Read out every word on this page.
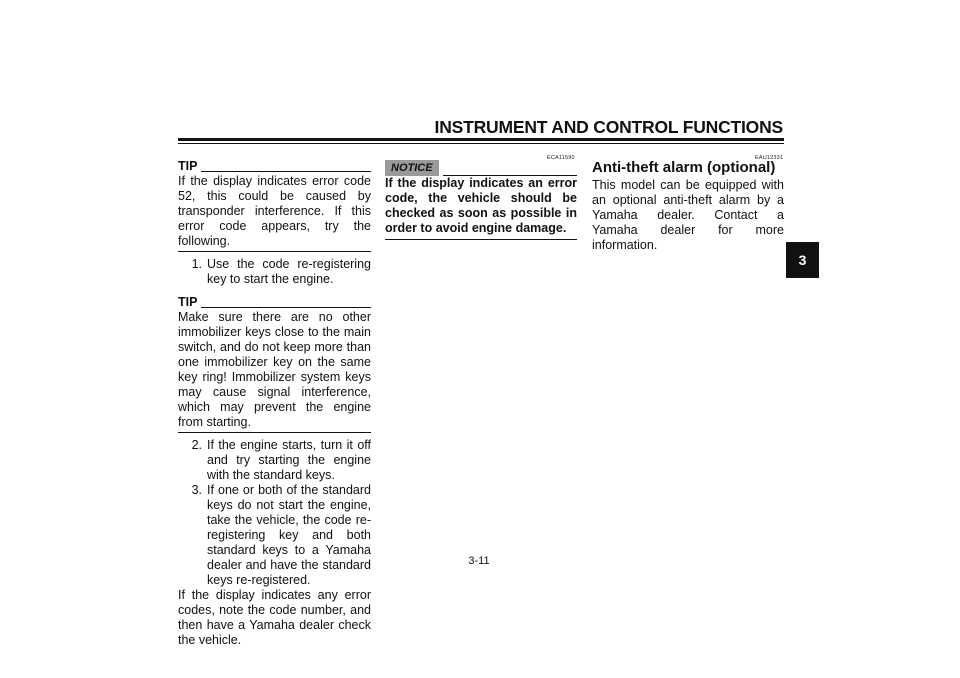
INSTRUMENT AND CONTROL FUNCTIONS
3
TIP

If the display indicates error code 52, this could be caused by transponder interference. If this error code appears, try the following.

1. Use the code re-registering key to start the engine.
TIP

Make sure there are no other immobilizer keys close to the main switch, and do not keep more than one immobilizer key on the same key ring! Immobilizer system keys may cause signal interference, which may prevent the engine from starting.

2. If the engine starts, turn it off and try starting the engine with the standard keys.
3. If one or both of the standard keys do not start the engine, take the vehicle, the code re-registering key and both standard keys to a Yamaha dealer and have the standard keys re-registered.

If the display indicates any error codes, note the code number, and then have a Yamaha dealer check the vehicle.

ECA11590
NOTICE

If the display indicates an error code, the vehicle should be checked as soon as possible in order to avoid engine damage.

EAU12331
Anti-theft alarm (optional)

This model can be equipped with an optional anti-theft alarm by a Yamaha dealer. Contact a Yamaha dealer for more information.

3-11
